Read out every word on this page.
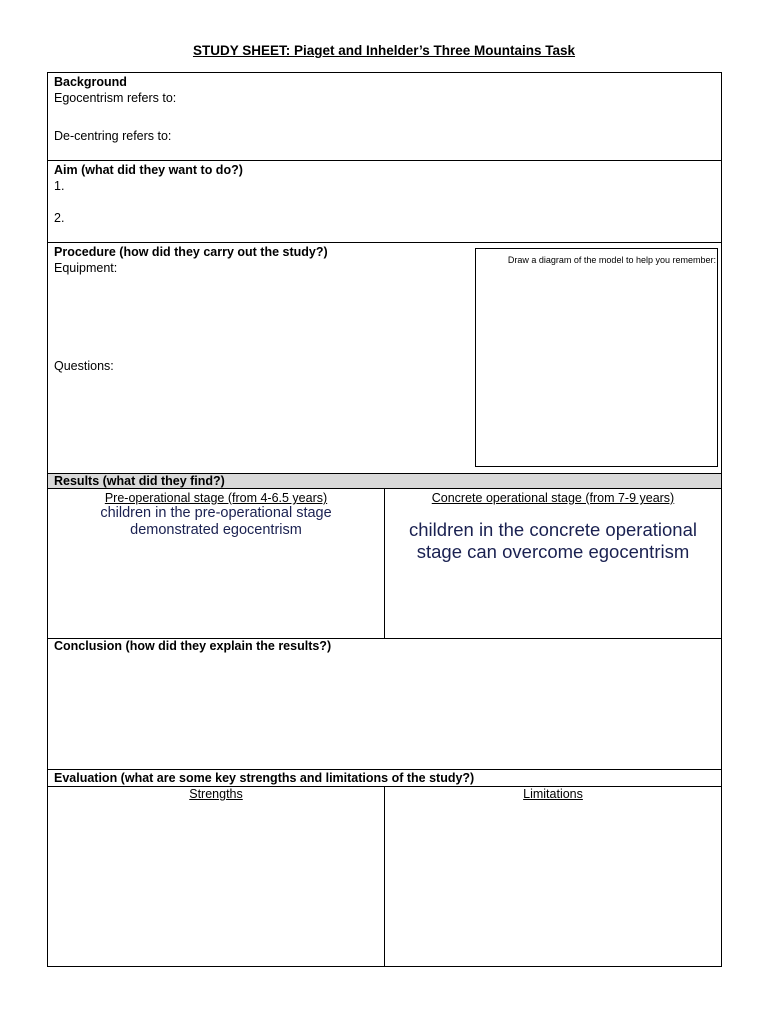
STUDY SHEET: Piaget and Inhelder’s Three Mountains Task
Background
Egocentrism refers to:
De-centring refers to:
Aim (what did they want to do?)
1.
2.
Procedure (how did they carry out the study?)
Equipment:
Questions:
Draw a diagram of the model to help you remember:
Results (what did they find?)
Pre-operational stage (from 4-6.5 years)
children in the pre-operational stage demonstrated egocentrism
Concrete operational stage (from 7-9 years)
children in the concrete operational stage can overcome egocentrism
Conclusion (how did they explain the results?)
Evaluation (what are some key strengths and limitations of the study?)
Strengths	Limitations
